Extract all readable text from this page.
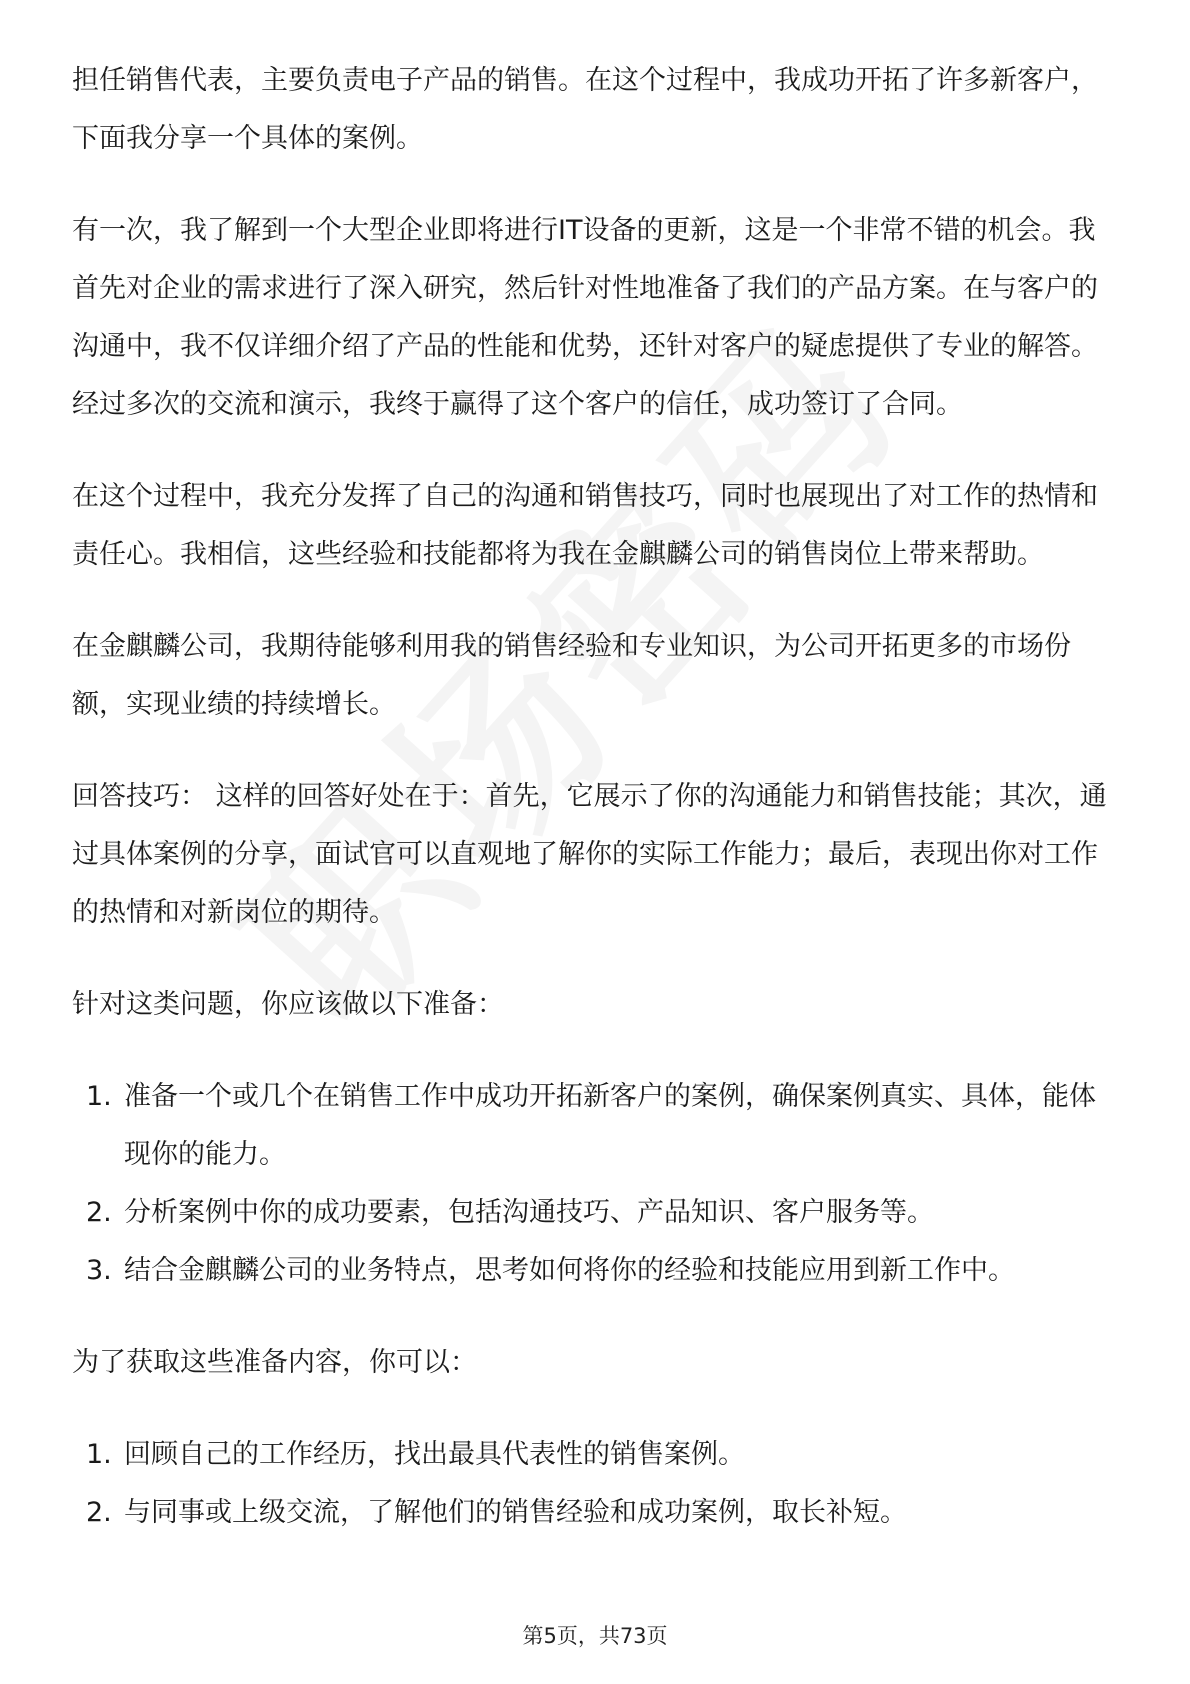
担任销售代表，主要负责电子产品的销售。在这个过程中，我成功开拓了许多新客户，下面我分享一个具体的案例。

有一次，我了解到一个大型企业即将进行IT设备的更新，这是一个非常不错的机会。我首先对企业的需求进行了深入研究，然后针对性地准备了我们的产品方案。在与客户的沟通中，我不仅详细介绍了产品的性能和优势，还针对客户的疑虑提供了专业的解答。经过多次的交流和演示，我终于赢得了这个客户的信任，成功签订了合同。

在这个过程中，我充分发挥了自己的沟通和销售技巧，同时也展现出了对工作的热情和责任心。我相信，这些经验和技能都将为我在金麒麟公司的销售岗位上带来帮助。

在金麒麟公司，我期待能够利用我的销售经验和专业知识，为公司开拓更多的市场份额，实现业绩的持续增长。

回答技巧： 这样的回答好处在于：首先，它展示了你的沟通能力和销售技能；其次，通过具体案例的分享，面试官可以直观地了解你的实际工作能力；最后，表现出你对工作的热情和对新岗位的期待。

针对这类问题，你应该做以下准备：

1. 准备一个或几个在销售工作中成功开拓新客户的案例，确保案例真实、具体，能体现你的能力。
2. 分析案例中你的成功要素，包括沟通技巧、产品知识、客户服务等。
3. 结合金麒麟公司的业务特点，思考如何将你的经验和技能应用到新工作中。

为了获取这些准备内容，你可以：

1. 回顾自己的工作经历，找出最具代表性的销售案例。
2. 与同事或上级交流，了解他们的销售经验和成功案例，取长补短。
第5页，共73页
